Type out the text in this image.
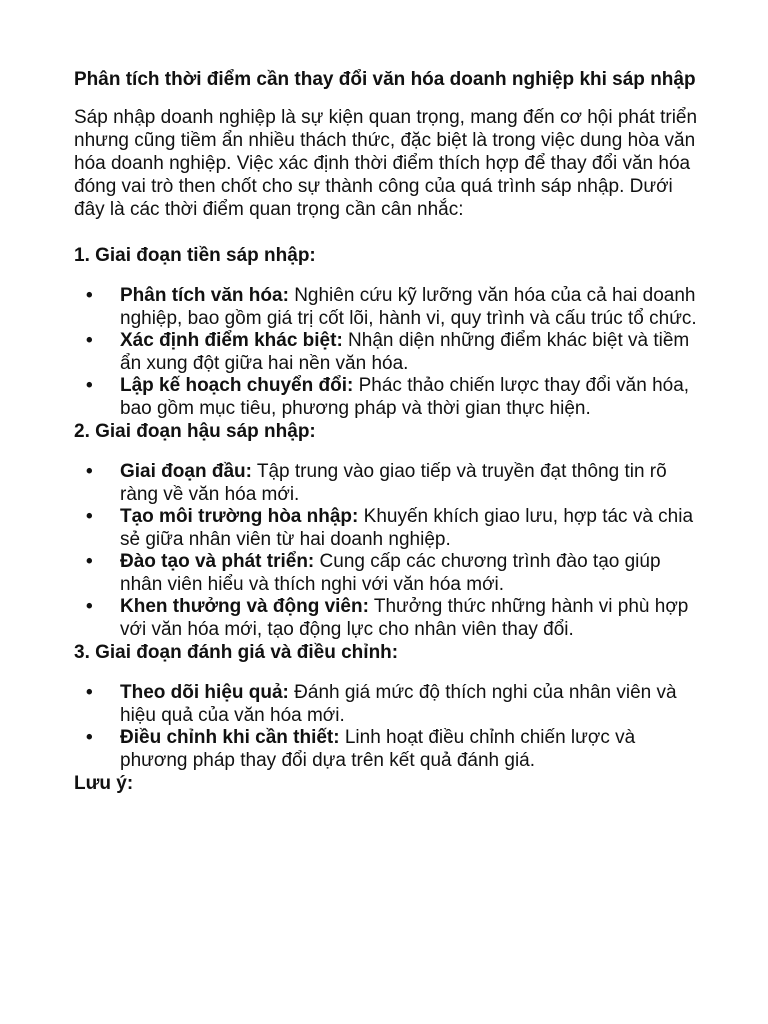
Phân tích thời điểm cần thay đổi văn hóa doanh nghiệp khi sáp nhập
Sáp nhập doanh nghiệp là sự kiện quan trọng, mang đến cơ hội phát triển nhưng cũng tiềm ẩn nhiều thách thức, đặc biệt là trong việc dung hòa văn hóa doanh nghiệp. Việc xác định thời điểm thích hợp để thay đổi văn hóa đóng vai trò then chốt cho sự thành công của quá trình sáp nhập. Dưới đây là các thời điểm quan trọng cần cân nhắc:
1. Giai đoạn tiền sáp nhập:
• Phân tích văn hóa: Nghiên cứu kỹ lưỡng văn hóa của cả hai doanh nghiệp, bao gồm giá trị cốt lõi, hành vi, quy trình và cấu trúc tổ chức.
• Xác định điểm khác biệt: Nhận diện những điểm khác biệt và tiềm ẩn xung đột giữa hai nền văn hóa.
• Lập kế hoạch chuyển đổi: Phác thảo chiến lược thay đổi văn hóa, bao gồm mục tiêu, phương pháp và thời gian thực hiện.
2. Giai đoạn hậu sáp nhập:
• Giai đoạn đầu: Tập trung vào giao tiếp và truyền đạt thông tin rõ ràng về văn hóa mới.
• Tạo môi trường hòa nhập: Khuyến khích giao lưu, hợp tác và chia sẻ giữa nhân viên từ hai doanh nghiệp.
• Đào tạo và phát triển: Cung cấp các chương trình đào tạo giúp nhân viên hiểu và thích nghi với văn hóa mới.
• Khen thưởng và động viên: Thưởng thức những hành vi phù hợp với văn hóa mới, tạo động lực cho nhân viên thay đổi.
3. Giai đoạn đánh giá và điều chỉnh:
• Theo dõi hiệu quả: Đánh giá mức độ thích nghi của nhân viên và hiệu quả của văn hóa mới.
• Điều chỉnh khi cần thiết: Linh hoạt điều chỉnh chiến lược và phương pháp thay đổi dựa trên kết quả đánh giá.
Lưu ý:
